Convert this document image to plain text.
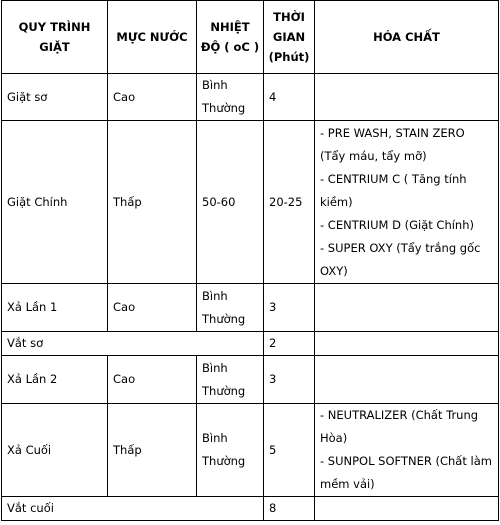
QUY TRÌNH GIẶT	MỰC NƯỚC	NHIỆT ĐỘ ( oC )	THỜI GIAN (Phút)	HÓA CHẤT
Giặt sơ	Cao	Bình Thường	4	
Giặt Chính	Thấp	50-60	20-25	- PRE WASH, STAIN ZERO (Tẩy máu, tẩy mỡ)
- CENTRIUM C ( Tăng tính kiềm)
- CENTRIUM D (Giặt Chính)
- SUPER OXY (Tẩy trắng gốc OXY)

Xả Lần 1	Cao	Bình Thường	3	
Vắt sơ			2	
Xả Lần 2	Cao	Bình Thường	3	
Xả Cuối	Thấp	Bình Thường	5	- NEUTRALIZER (Chất Trung Hòa)
- SUNPOL SOFTNER (Chất làm mềm vải)

Vắt cuối			8	
